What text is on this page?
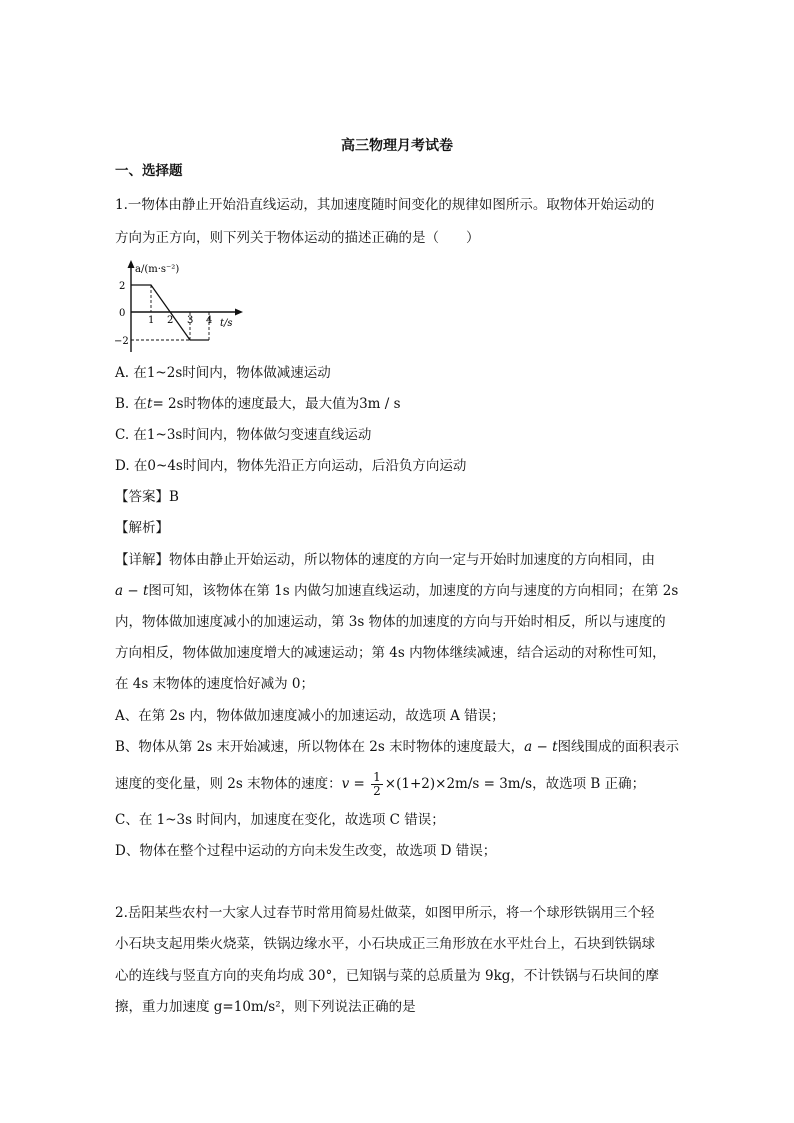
高三物理月考试卷
一、选择题
1.一物体由静止开始沿直线运动，其加速度随时间变化的规律如图所示。取物体开始运动的
方向为正方向，则下列关于物体运动的描述正确的是（　　）
a/(m·s⁻²)
t/s
2
0
−2
1 2 3 4
A. 在1~2s时间内，物体做减速运动
B. 在t= 2s时物体的速度最大，最大值为3m / s
C. 在1~3s时间内，物体做匀变速直线运动
D. 在0~4s时间内，物体先沿正方向运动，后沿负方向运动
【答案】B
【解析】
【详解】物体由静止开始运动，所以物体的速度的方向一定与开始时加速度的方向相同，由
a − t图可知，该物体在第 1s 内做匀加速直线运动，加速度的方向与速度的方向相同；在第 2s
内，物体做加速度减小的加速运动，第 3s 物体的加速度的方向与开始时相反，所以与速度的
方向相反，物体做加速度增大的减速运动；第 4s 内物体继续减速，结合运动的对称性可知，
在 4s 末物体的速度恰好减为 0；
A、在第 2s 内，物体做加速度减小的加速运动，故选项 A 错误；
B、物体从第 2s 末开始减速，所以物体在 2s 末时物体的速度最大，a − t图线围成的面积表示
速度的变化量，则 2s 末物体的速度：$v = \frac{1}{2} \times(1+2)\times 2m/s = 3m/s$，故选项 B 正确；
C、在 1~3s 时间内，加速度在变化，故选项 C 错误；
D、物体在整个过程中运动的方向未发生改变，故选项 D 错误；
2.岳阳某些农村一大家人过春节时常用简易灶做菜，如图甲所示，将一个球形铁锅用三个轻
小石块支起用柴火烧菜，铁锅边缘水平，小石块成正三角形放在水平灶台上，石块到铁锅球
心的连线与竖直方向的夹角均成 30°，已知锅与菜的总质量为 9kg，不计铁锅与石块间的摩
擦，重力加速度 g=10m/s²，则下列说法正确的是
